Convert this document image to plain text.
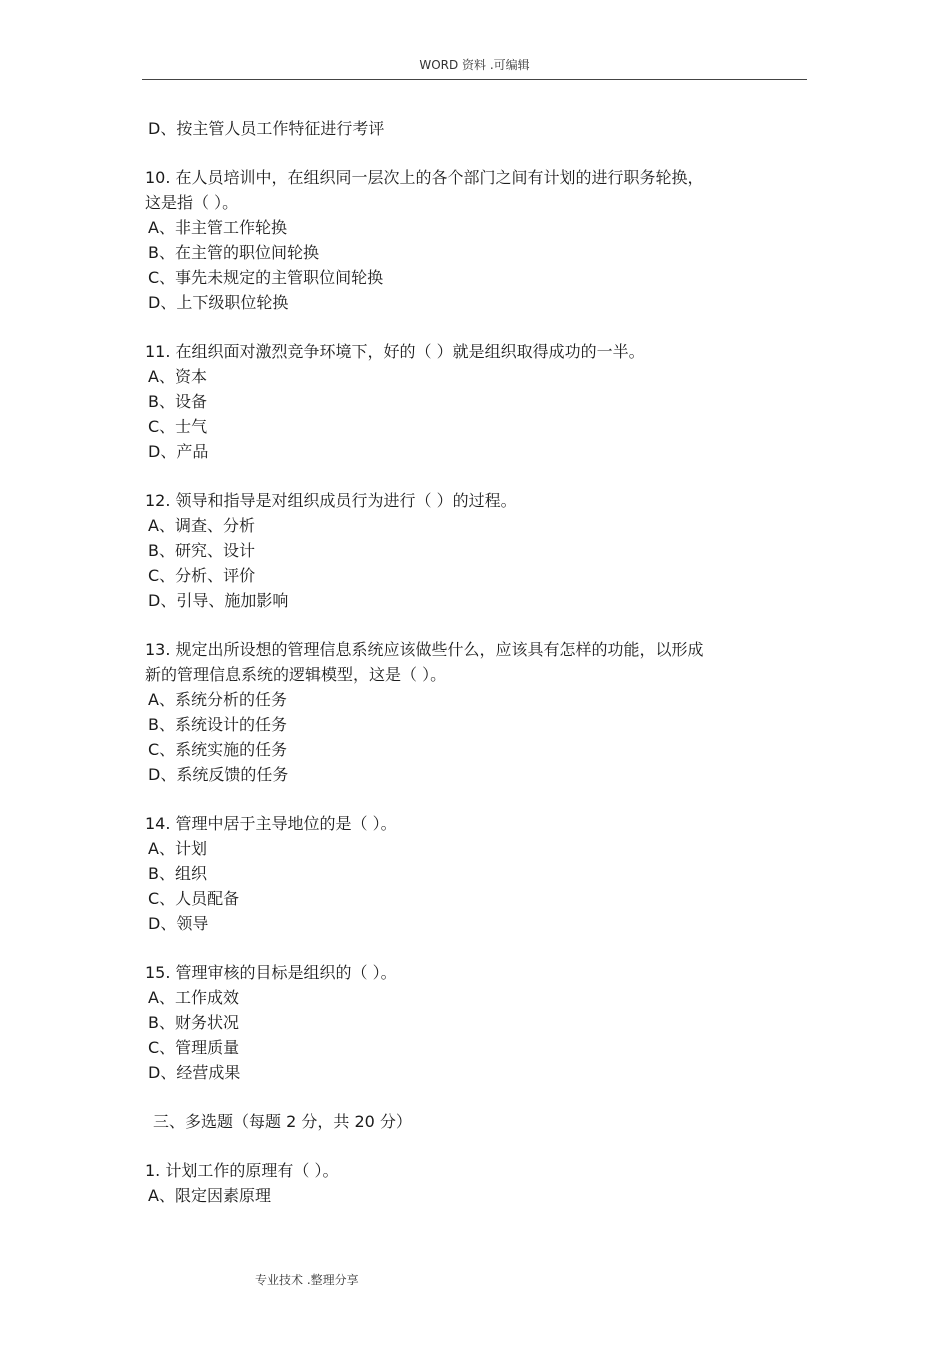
WORD 资料 .可编辑
D、按主管人员工作特征进行考评
10. 在人员培训中，在组织同一层次上的各个部门之间有计划的进行职务轮换，
这是指（ ）。
A、非主管工作轮换
B、在主管的职位间轮换
C、事先未规定的主管职位间轮换
D、上下级职位轮换
11. 在组织面对激烈竞争环境下，好的（ ）就是组织取得成功的一半。
A、资本
B、设备
C、士气
D、产品
12. 领导和指导是对组织成员行为进行（ ）的过程。
A、调查、分析
B、研究、设计
C、分析、评价
D、引导、施加影响
13. 规定出所设想的管理信息系统应该做些什么，应该具有怎样的功能，以形成
新的管理信息系统的逻辑模型，这是（ ）。
A、系统分析的任务
B、系统设计的任务
C、系统实施的任务
D、系统反馈的任务
14. 管理中居于主导地位的是（ ）。
A、计划
B、组织
C、人员配备
D、领导
15. 管理审核的目标是组织的（ ）。
A、工作成效
B、财务状况
C、管理质量
D、经营成果
三、多选题（每题 2 分，共 20 分）
1. 计划工作的原理有（ ）。
A、限定因素原理
专业技术 .整理分享
